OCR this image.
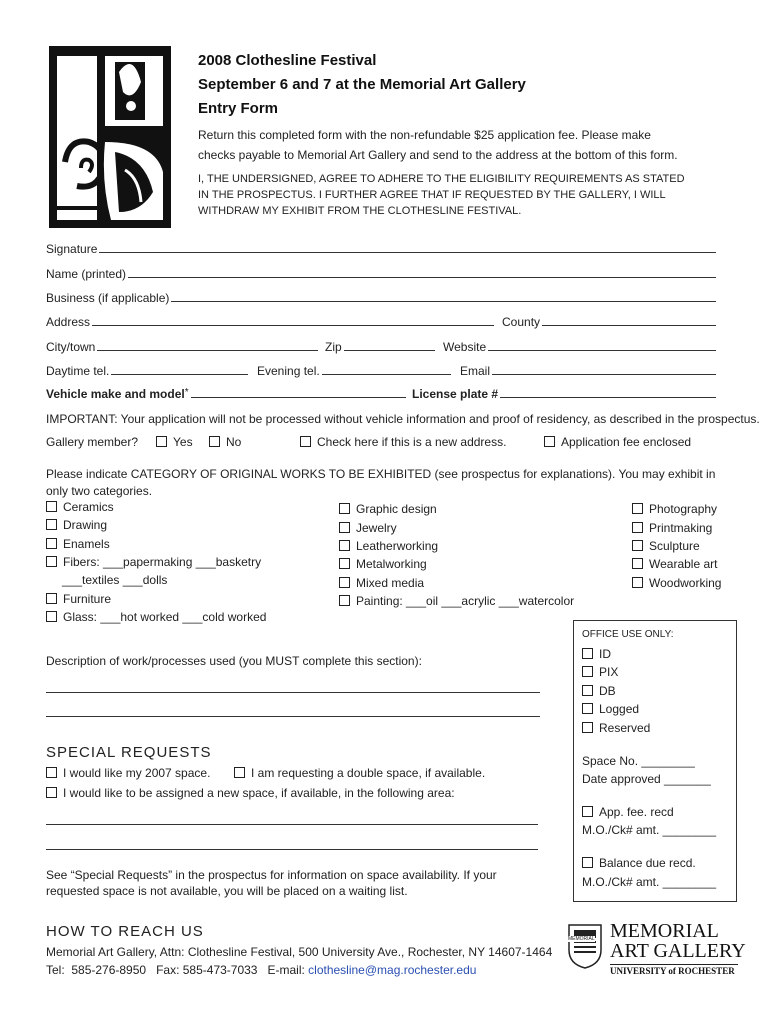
2008 Clothesline Festival
September 6 and 7 at the Memorial Art Gallery
Entry Form
Return this completed form with the non-refundable $25 application fee. Please make
checks payable to Memorial Art Gallery and send to the address at the bottom of this form.
I, THE UNDERSIGNED, AGREE TO ADHERE TO THE ELIGIBILITY REQUIREMENTS AS STATED
IN THE PROSPECTUS. I FURTHER AGREE THAT IF REQUESTED BY THE GALLERY, I WILL
WITHDRAW MY EXHIBIT FROM THE CLOTHESLINE FESTIVAL.
Signature
Name (printed)
Business (if applicable)
Address	County
City/town	Zip	Website
Daytime tel.	Evening tel.	Email
Vehicle make and model *	License plate #
IMPORTANT: Your application will not be processed without vehicle information and proof of residency, as described in the prospectus.
Gallery member?	Yes	No	Check here if this is a new address.	Application fee enclosed
Please indicate CATEGORY OF ORIGINAL WORKS TO BE EXHIBITED (see prospectus for explanations). You may exhibit in
only two categories.
Ceramics
Drawing
Enamels
Fibers: ___papermaking ___basketry
___textiles ___dolls
Furniture
Glass: ___hot worked ___cold worked
Graphic design
Jewelry
Leatherworking
Metalworking
Mixed media
Painting: ___oil ___acrylic ___watercolor
Photography
Printmaking
Sculpture
Wearable art
Woodworking
Description of work/processes used (you MUST complete this section):
SPECIAL REQUESTS
I would like my 2007 space.	I am requesting a double space, if available.
I would like to be assigned a new space, if available, in the following area:
See “Special Requests” in the prospectus for information on space availability. If your
requested space is not available, you will be placed on a waiting list.
OFFICE USE ONLY:
ID
PIX
DB
Logged
Reserved
Space No. ________
Date approved _______
App. fee. recd
M.O./Ck# amt. ________
Balance due recd.
M.O./Ck# amt. ________
HOW TO REACH US
Memorial Art Gallery, Attn: Clothesline Festival, 500 University Ave., Rochester, NY 14607-1464
Tel:  585-276-8950   Fax: 585-473-7033   E-mail: clothesline@mag.rochester.edu
MEMORIAL MEMORIAL
ART GALLERY
UNIVERSITY of ROCHESTER
